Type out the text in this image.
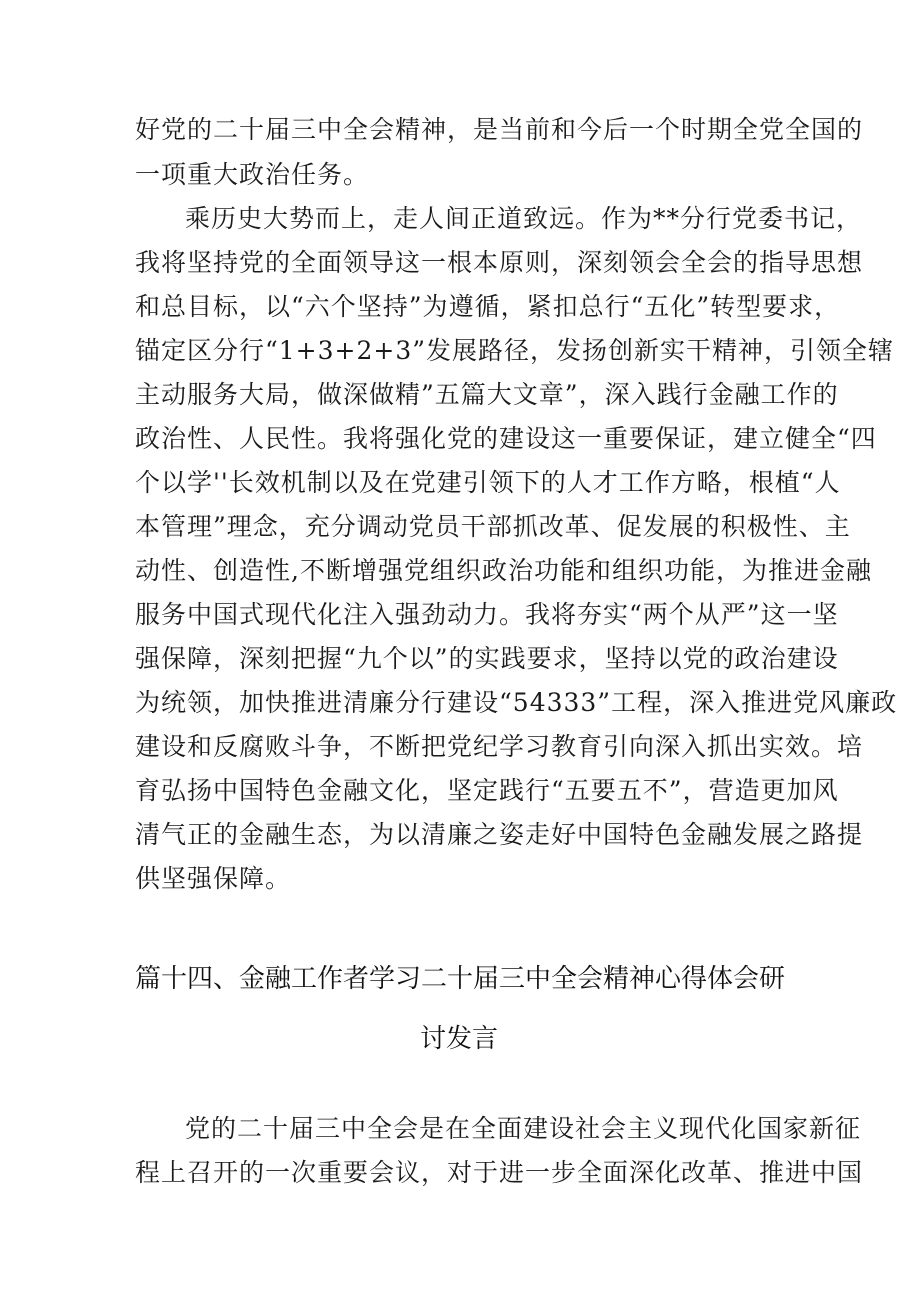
好党的二十届三中全会精神，是当前和今后一个时期全党全国的
一项重大政治任务。
乘历史大势而上，走人间正道致远。作为**分行党委书记，
我将坚持党的全面领导这一根本原则，深刻领会全会的指导思想
和总目标，以“六个坚持”为遵循，紧扣总行“五化”转型要求，
锚定区分行“1+3+2+3”发展路径，发扬创新实干精神，引领全辖
主动服务大局，做深做精”五篇大文章”，深入践行金融工作的
政治性、人民性。我将强化党的建设这一重要保证，建立健全“四
个以学''长效机制以及在党建引领下的人才工作方略，根植“人
本管理”理念，充分调动党员干部抓改革、促发展的积极性、主
动性、创造性,不断增强党组织政治功能和组织功能，为推进金融
服务中国式现代化注入强劲动力。我将夯实“两个从严”这一坚
强保障，深刻把握“九个以”的实践要求，坚持以党的政治建设
为统领，加快推进清廉分行建设“54333”工程，深入推进党风廉政
建设和反腐败斗争，不断把党纪学习教育引向深入抓出实效。培
育弘扬中国特色金融文化，坚定践行“五要五不”，营造更加风
清气正的金融生态，为以清廉之姿走好中国特色金融发展之路提
供坚强保障。
篇十四、金融工作者学习二十届三中全会精神心得体会研
讨发言
党的二十届三中全会是在全面建设社会主义现代化国家新征
程上召开的一次重要会议，对于进一步全面深化改革、推进中国
